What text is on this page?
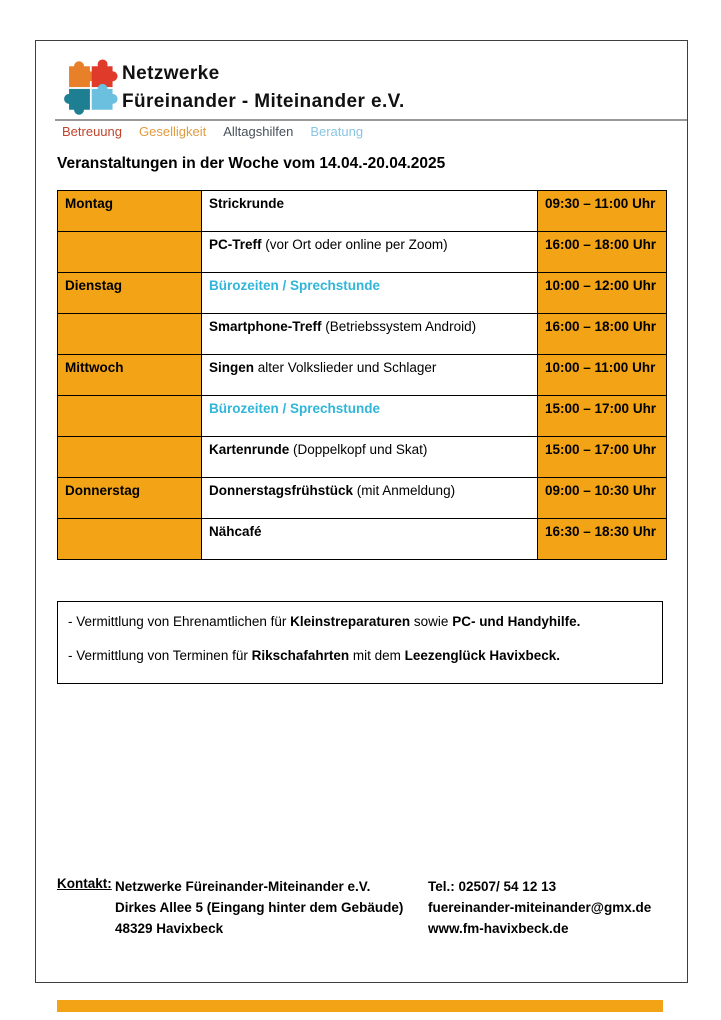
Netzwerke
Füreinander - Miteinander e.V.
Betreuung Geselligkeit Alltagshilfen Beratung
Veranstaltungen in der Woche vom 14.04.-20.04.2025
Montag	Strickrunde	09:30 – 11:00 Uhr
	PC-Treff (vor Ort oder online per Zoom)	16:00 – 18:00 Uhr
Dienstag	Bürozeiten / Sprechstunde	10:00 – 12:00 Uhr
	Smartphone-Treff (Betriebssystem Android)	16:00 – 18:00 Uhr
Mittwoch	Singen alter Volkslieder und Schlager	10:00 – 11:00 Uhr
	Bürozeiten / Sprechstunde	15:00 – 17:00 Uhr
	Kartenrunde (Doppelkopf und Skat)	15:00 – 17:00 Uhr
Donnerstag	Donnerstagsfrühstück (mit Anmeldung)	09:00 – 10:30 Uhr
	Nähcafé	16:30 – 18:30 Uhr

- Vermittlung von Ehrenamtlichen für Kleinstreparaturen sowie PC- und Handyhilfe.

- Vermittlung von Terminen für Rikschafahrten mit dem Leezenglück Havixbeck.

Kontakt: Netzwerke Füreinander-Miteinander e.V.
Dirkes Allee 5 (Eingang hinter dem Gebäude)
48329 Havixbeck
Tel.: 02507/ 54 12 13
fuereinander-miteinander@gmx.de
www.fm-havixbeck.de
